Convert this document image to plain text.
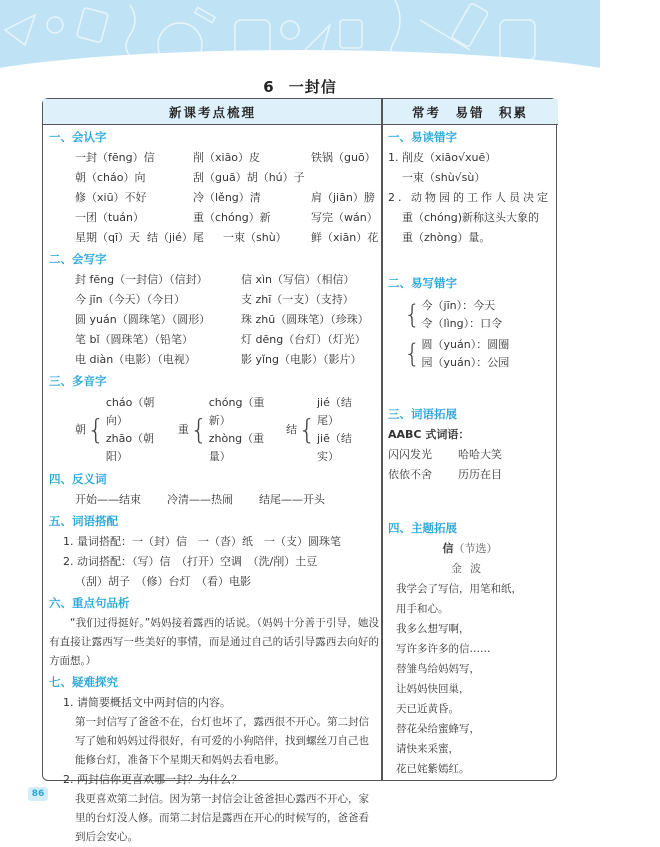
6 一封信
新课考点梳理	常考　易错　积累
一、会认字
一封（fēng）信	削（xiāo）皮	铁锅（guō）
朝（cháo）向	刮（guā）胡（hú）子
修（xiū）不好	冷（lěng）清	肩（jiān）膀
一团（tuán）	重（chóng）新	写完（wán）
星期（qī）天 结（jié）尾	一束（shù）	鲜（xiān）花
二、会写字
封 fēng（一封信）（信封）	信 xìn（写信）（相信）
今 jīn（今天）（今日）	支 zhī（一支）（支持）
圆 yuán（圆珠笔）（圆形）	珠 zhū（圆珠笔）（珍珠）
笔 bǐ（圆珠笔）（铅笔）	灯 dēng（台灯）（灯光）
电 diàn（电影）（电视）	影 yǐng（电影）（影片）
三、多音字
朝 {
cháo（朝向）
zhāo（朝阳）
重 {
chóng（重新）
zhòng（重量）
结 {
jié（结尾）
jiē（结实）
四、反义词
开始——结束	冷清——热闹	结尾——开头
五、词语搭配
1. 量词搭配：一（封）信　一（沓）纸　一（支）圆珠笔
2. 动词搭配：（写）信　（打开）空调　（洗/削）土豆
（刮）胡子　（修）台灯　（看）电影
六、重点句品析
“我们过得挺好。”妈妈接着露西的话说。（妈妈十分善于引导，她没有直接让露西写一些美好的事情，而是通过自己的话引导露西去向好的方面想。）
七、疑难探究
1. 请简要概括文中两封信的内容。
第一封信写了爸爸不在，台灯也坏了，露西很不开心。第二封信写了她和妈妈过得很好，有可爱的小狗陪伴，找到螺丝刀自己也能修台灯，准备下个星期天和妈妈去看电影。
2. 两封信你更喜欢哪一封？为什么？
我更喜欢第二封信。因为第一封信会让爸爸担心露西不开心，家里的台灯没人修。而第二封信是露西在开心的时候写的，爸爸看到后会安心。
一、易读错字
1. 削皮（xiāo√xuē）
一束（shù√sù）
2. 动物园的工作人员决定
重（chóng)新称这头大象的
重（zhòng）量。
二、易写错字
{ 今（jīn）：今天
令（lìng）：口令
{ 圆（yuán）：圆圈
园（yuán）：公园
三、词语拓展
AABC 式词语：
闪闪发光	哈哈大笑
依依不舍	历历在目
四、主题拓展
信（节选）
金波
我学会了写信，用笔和纸，
用手和心。
我多么想写啊，
写许多许多的信……
替雏鸟给妈妈写，
让妈妈快回巢，
天已近黄昏。
替花朵给蜜蜂写，
请快来采蜜，
花已姹紫嫣红。
86
